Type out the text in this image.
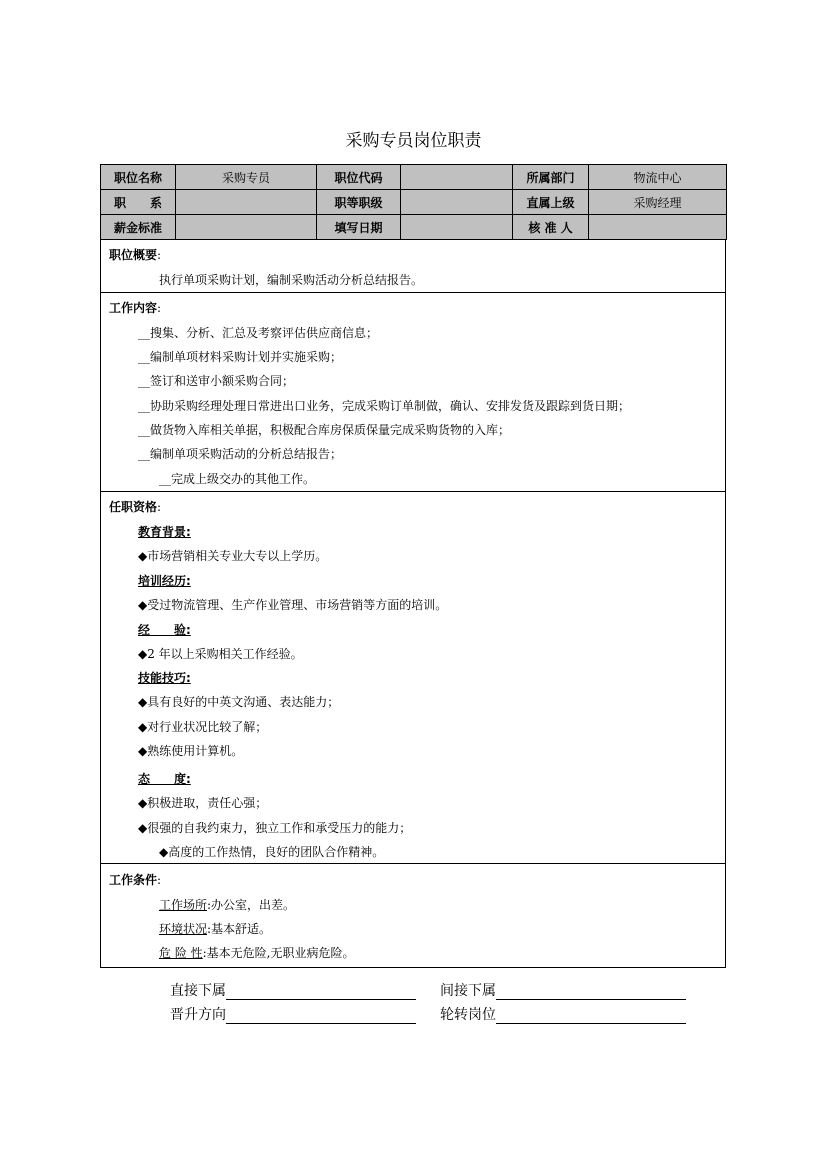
采购专员岗位职责
职位名称	采购专员	职位代码		所属部门	物流中心
职　　系		职等职级		直属上级	采购经理
薪金标准		填写日期		核 准 人	
职位概要:
执行单项采购计划，编制采购活动分析总结报告。
工作内容:
__搜集、分析、汇总及考察评估供应商信息；
__编制单项材料采购计划并实施采购；
__签订和送审小额采购合同；
__协助采购经理处理日常进出口业务，完成采购订单制做，确认、安排发货及跟踪到货日期；
__做货物入库相关单据，积极配合库房保质保量完成采购货物的入库；
__编制单项采购活动的分析总结报告；
__完成上级交办的其他工作。
任职资格:
教育背景:
◆市场营销相关专业大专以上学历。
培训经历:
◆受过物流管理、生产作业管理、市场营销等方面的培训。
经　　验:
◆2 年以上采购相关工作经验。
技能技巧:
◆具有良好的中英文沟通、表达能力；
◆对行业状况比较了解；
◆熟练使用计算机。
态　　度:
◆积极进取，责任心强；
◆很强的自我约束力，独立工作和承受压力的能力；
◆高度的工作热情，良好的团队合作精神。
工作条件:
工作场所:办公室，出差。
环境状况:基本舒适。
危 险 性:基本无危险,无职业病危险。
直接下属	间接下属
晋升方向	轮转岗位
